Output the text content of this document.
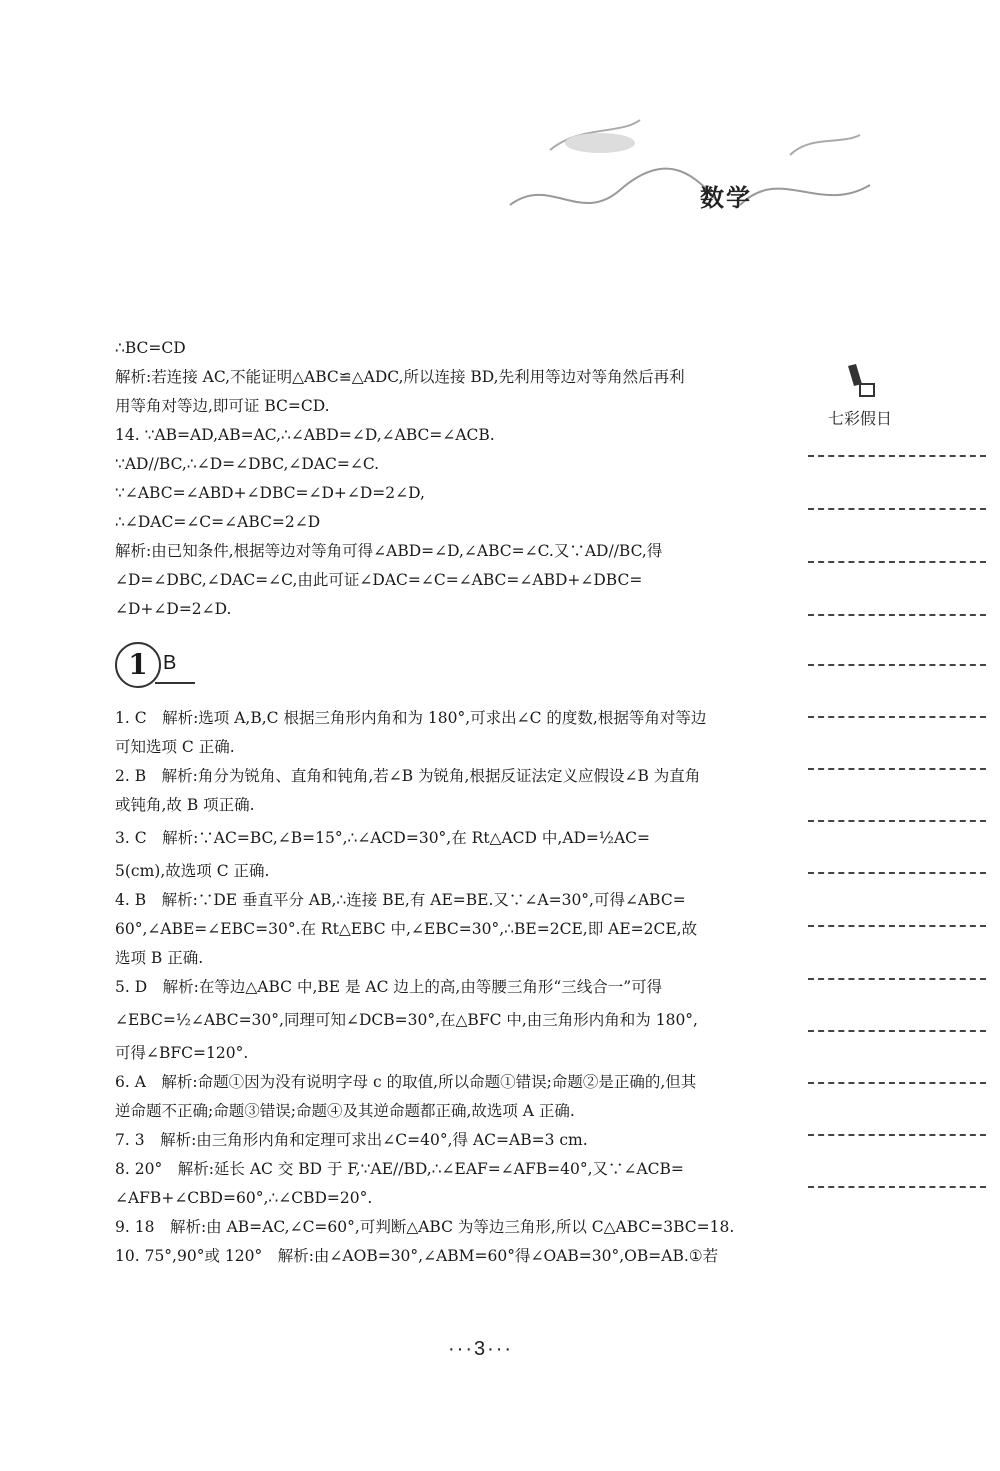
数学
七彩假日
∴BC=CD
解析:若连接 AC,不能证明△ABC≌△ADC,所以连接 BD,先利用等边对等角然后再利
用等角对等边,即可证 BC=CD.
14. ∵AB=AD,AB=AC,∴∠ABD=∠D,∠ABC=∠ACB.
∵AD//BC,∴∠D=∠DBC,∠DAC=∠C.
∵∠ABC=∠ABD+∠DBC=∠D+∠D=2∠D,
∴∠DAC=∠C=∠ABC=2∠D
解析:由已知条件,根据等边对等角可得∠ABD=∠D,∠ABC=∠C.又∵AD//BC,得
∠D=∠DBC,∠DAC=∠C,由此可证∠DAC=∠C=∠ABC=∠ABD+∠DBC=
∠D+∠D=2∠D.
1 B
1. C　解析:选项 A,B,C 根据三角形内角和为 180°,可求出∠C 的度数,根据等角对等边
可知选项 C 正确.
2. B　解析:角分为锐角、直角和钝角,若∠B 为锐角,根据反证法定义应假设∠B 为直角
或钝角,故 B 项正确.
3. C　解析:∵AC=BC,∠B=15°,∴∠ACD=30°,在 Rt△ACD 中,AD=½AC=
5(cm),故选项 C 正确.
4. B　解析:∵DE 垂直平分 AB,∴连接 BE,有 AE=BE.又∵∠A=30°,可得∠ABC=
60°,∠ABE=∠EBC=30°.在 Rt△EBC 中,∠EBC=30°,∴BE=2CE,即 AE=2CE,故
选项 B 正确.
5. D　解析:在等边△ABC 中,BE 是 AC 边上的高,由等腰三角形“三线合一”可得
∠EBC=½∠ABC=30°,同理可知∠DCB=30°,在△BFC 中,由三角形内角和为 180°,
可得∠BFC=120°.
6. A　解析:命题①因为没有说明字母 c 的取值,所以命题①错误;命题②是正确的,但其
逆命题不正确;命题③错误;命题④及其逆命题都正确,故选项 A 正确.
7. 3　解析:由三角形内角和定理可求出∠C=40°,得 AC=AB=3 cm.
8. 20°　解析:延长 AC 交 BD 于 F,∵AE//BD,∴∠EAF=∠AFB=40°,又∵∠ACB=
∠AFB+∠CBD=60°,∴∠CBD=20°.
9. 18　解析:由 AB=AC,∠C=60°,可判断△ABC 为等边三角形,所以 C△ABC=3BC=18.
10. 75°,90°或 120°　解析:由∠AOB=30°,∠ABM=60°得∠OAB=30°,OB=AB.①若
···3···
